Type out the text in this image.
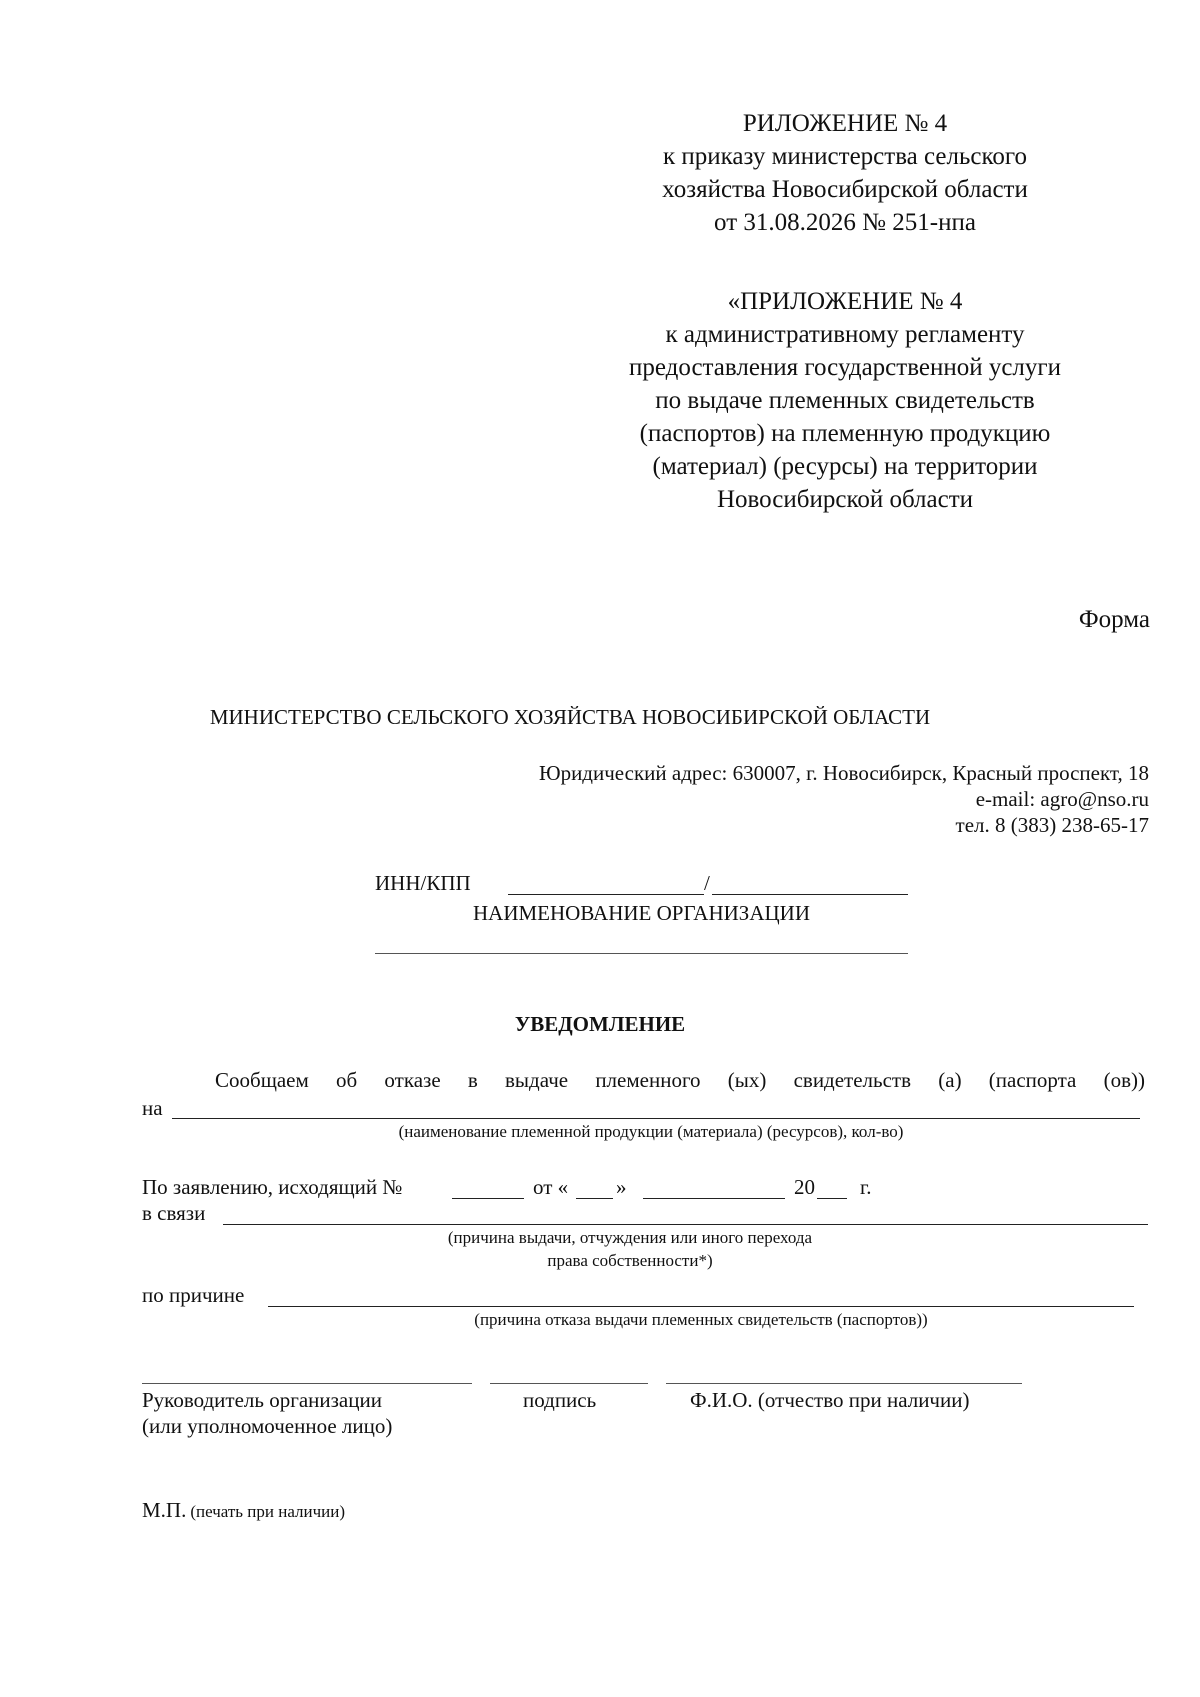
РИЛОЖЕНИЕ № 4
к приказу министерства сельского
хозяйства Новосибирской области
от 31.08.2026 № 251-нпа
«ПРИЛОЖЕНИЕ № 4
к административному регламенту
предоставления государственной услуги
по выдаче племенных свидетельств
(паспортов) на племенную продукцию
(материал) (ресурсы) на территории
Новосибирской области
Форма
МИНИСТЕРСТВО СЕЛЬСКОГО ХОЗЯЙСТВА НОВОСИБИРСКОЙ ОБЛАСТИ
Юридический адрес: 630007, г. Новосибирск, Красный проспект, 18
e-mail: agro@nso.ru
тел. 8 (383) 238-65-17
ИНН/КПП	/
НАИМЕНОВАНИЕ ОРГАНИЗАЦИИ
УВЕДОМЛЕНИЕ
Сообщаем об отказе в выдаче племенного (ых) свидетельств (а) (паспорта (ов))
на
(наименование племенной продукции (материала) (ресурсов), кол-во)
По заявлению, исходящий №	от « »	20 г.
в связи
(причина выдачи, отчуждения или иного перехода
права собственности*)
по причине
(причина отказа выдачи племенных свидетельств (паспортов))
Руководитель организации
(или уполномоченное лицо)
подпись	Ф.И.О. (отчество при наличии)
М.П. (печать при наличии)
